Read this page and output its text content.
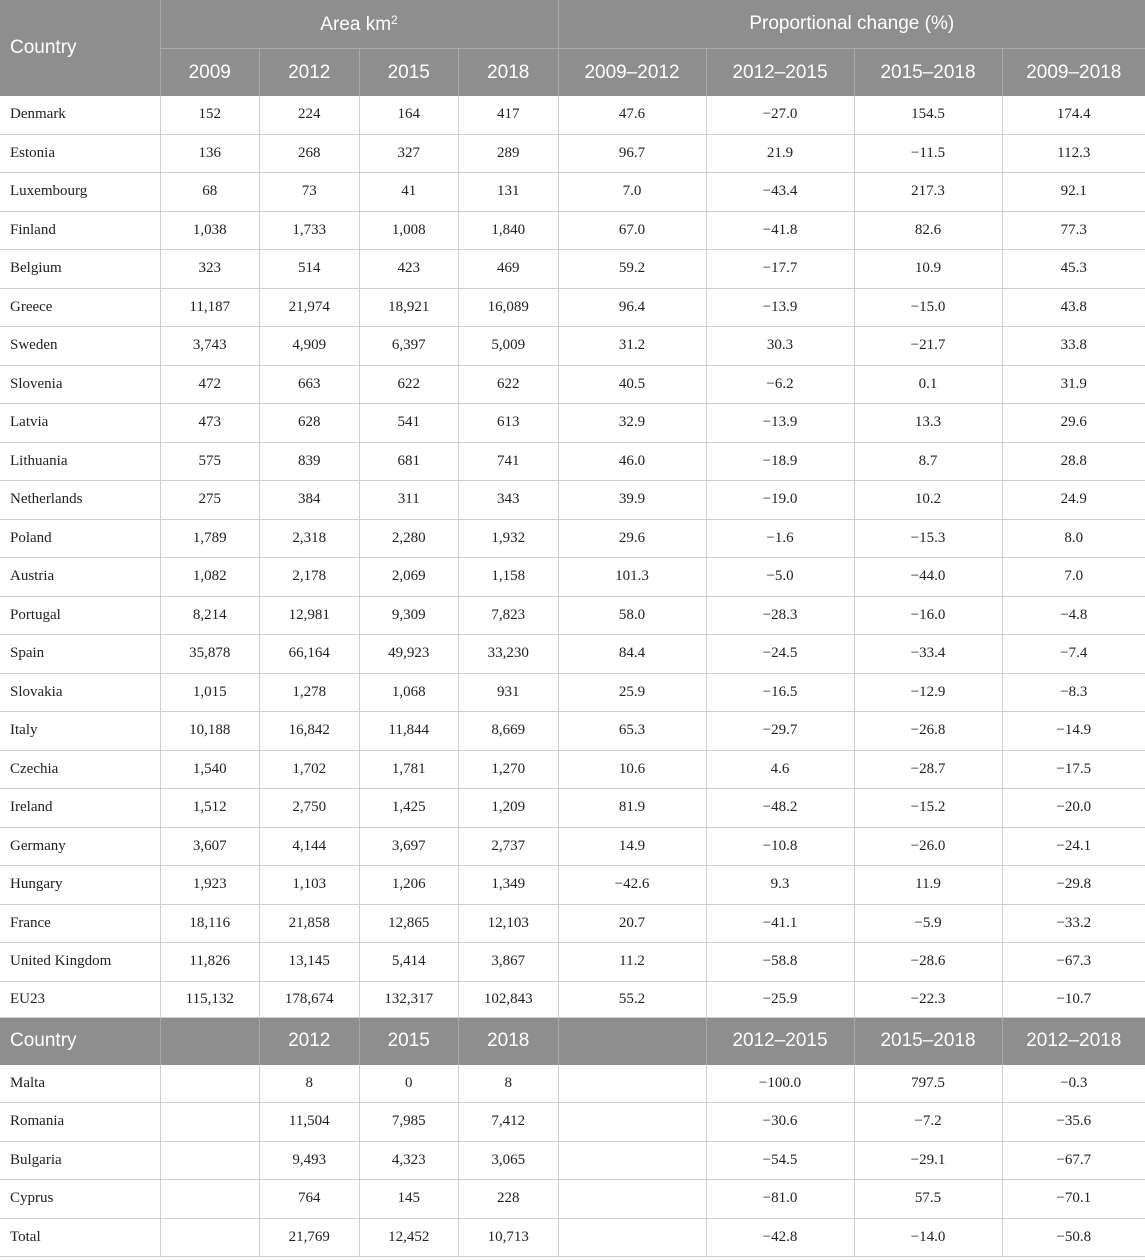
Country	Area $km^2$				Proportional change (%)			
	2009	2012	2015	2018	2009–2012	2012–2015	2015–2018	2009–2018
Denmark	152	224	164	417	47.6	−27.0	154.5	174.4
Estonia	136	268	327	289	96.7	21.9	−11.5	112.3
Luxembourg	68	73	41	131	7.0	−43.4	217.3	92.1
Finland	1,038	1,733	1,008	1,840	67.0	−41.8	82.6	77.3
Belgium	323	514	423	469	59.2	−17.7	10.9	45.3
Greece	11,187	21,974	18,921	16,089	96.4	−13.9	−15.0	43.8
Sweden	3,743	4,909	6,397	5,009	31.2	30.3	−21.7	33.8
Slovenia	472	663	622	622	40.5	−6.2	0.1	31.9
Latvia	473	628	541	613	32.9	−13.9	13.3	29.6
Lithuania	575	839	681	741	46.0	−18.9	8.7	28.8
Netherlands	275	384	311	343	39.9	−19.0	10.2	24.9
Poland	1,789	2,318	2,280	1,932	29.6	−1.6	−15.3	8.0
Austria	1,082	2,178	2,069	1,158	101.3	−5.0	−44.0	7.0
Portugal	8,214	12,981	9,309	7,823	58.0	−28.3	−16.0	−4.8
Spain	35,878	66,164	49,923	33,230	84.4	−24.5	−33.4	−7.4
Slovakia	1,015	1,278	1,068	931	25.9	−16.5	−12.9	−8.3
Italy	10,188	16,842	11,844	8,669	65.3	−29.7	−26.8	−14.9
Czechia	1,540	1,702	1,781	1,270	10.6	4.6	−28.7	−17.5
Ireland	1,512	2,750	1,425	1,209	81.9	−48.2	−15.2	−20.0
Germany	3,607	4,144	3,697	2,737	14.9	−10.8	−26.0	−24.1
Hungary	1,923	1,103	1,206	1,349	−42.6	9.3	11.9	−29.8
France	18,116	21,858	12,865	12,103	20.7	−41.1	−5.9	−33.2
United Kingdom	11,826	13,145	5,414	3,867	11.2	−58.8	−28.6	−67.3
EU23	115,132	178,674	132,317	102,843	55.2	−25.9	−22.3	−10.7
Country		2012	2015	2018		2012–2015	2015–2018	2012–2018
Malta		8	0	8		−100.0	797.5	−0.3
Romania		11,504	7,985	7,412		−30.6	−7.2	−35.6
Bulgaria		9,493	4,323	3,065		−54.5	−29.1	−67.7
Cyprus		764	145	228		−81.0	57.5	−70.1
Total		21,769	12,452	10,713		−42.8	−14.0	−50.8
